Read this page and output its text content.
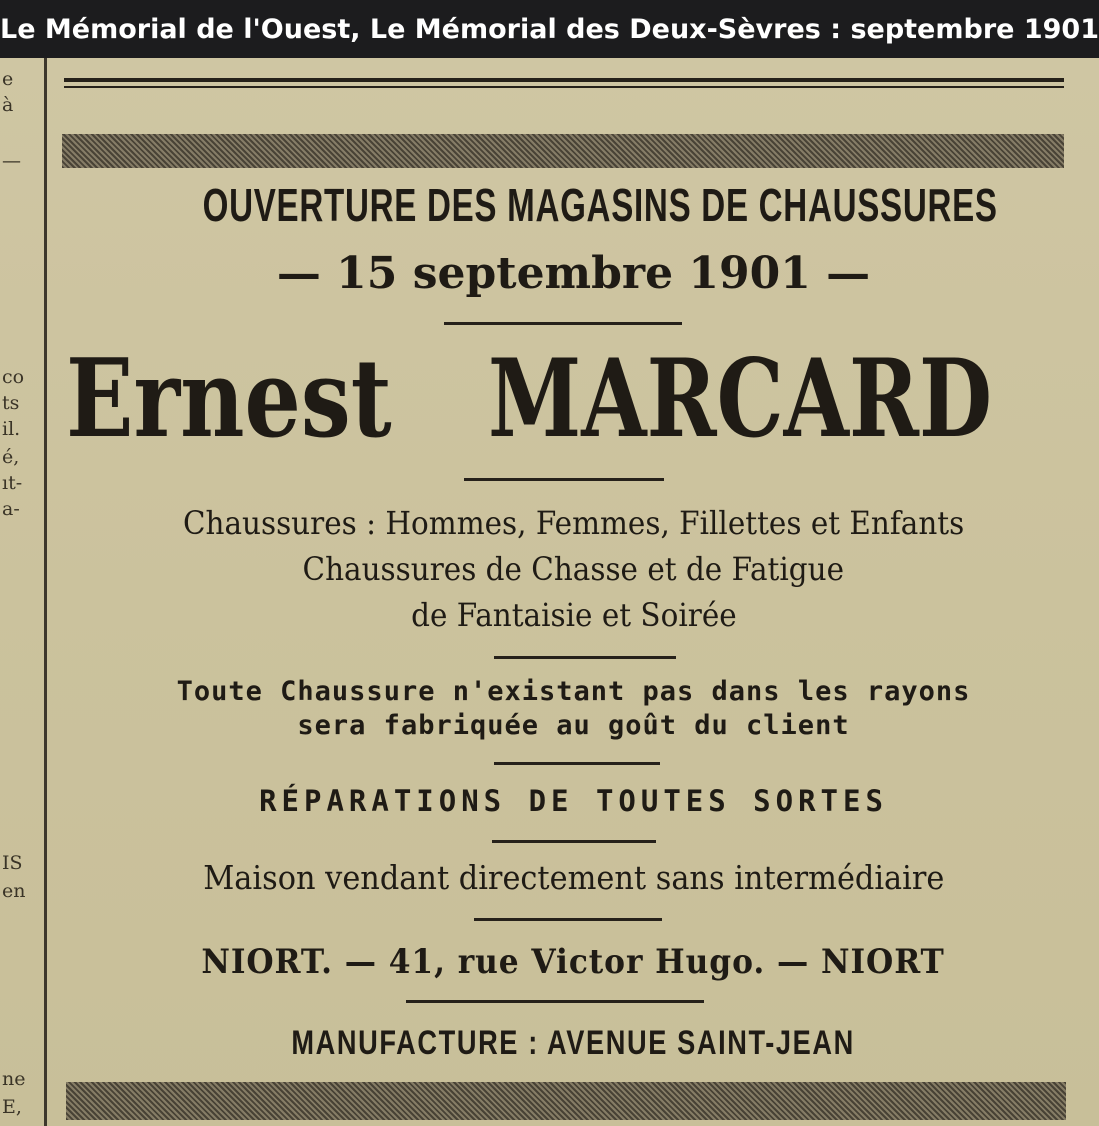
Le Mémorial de l'Ouest, Le Mémorial des Deux-Sèvres : septembre 1901
e
à
—
co
ts
il.
é,
ıt-
a-
IS
en
ne
E,
OUVERTURE DES MAGASINS DE CHAUSSURES
— 15 septembre 1901 —
Ernest MARCARD
Chaussures : Hommes, Femmes, Fillettes et Enfants
Chaussures de Chasse et de Fatigue
de Fantaisie et Soirée
Toute Chaussure n'existant pas dans les rayons
sera fabriquée au goût du client
RÉPARATIONS DE TOUTES SORTES
Maison vendant directement sans intermédiaire
NIORT. — 41, rue Victor Hugo. — NIORT
MANUFACTURE : AVENUE SAINT-JEAN
